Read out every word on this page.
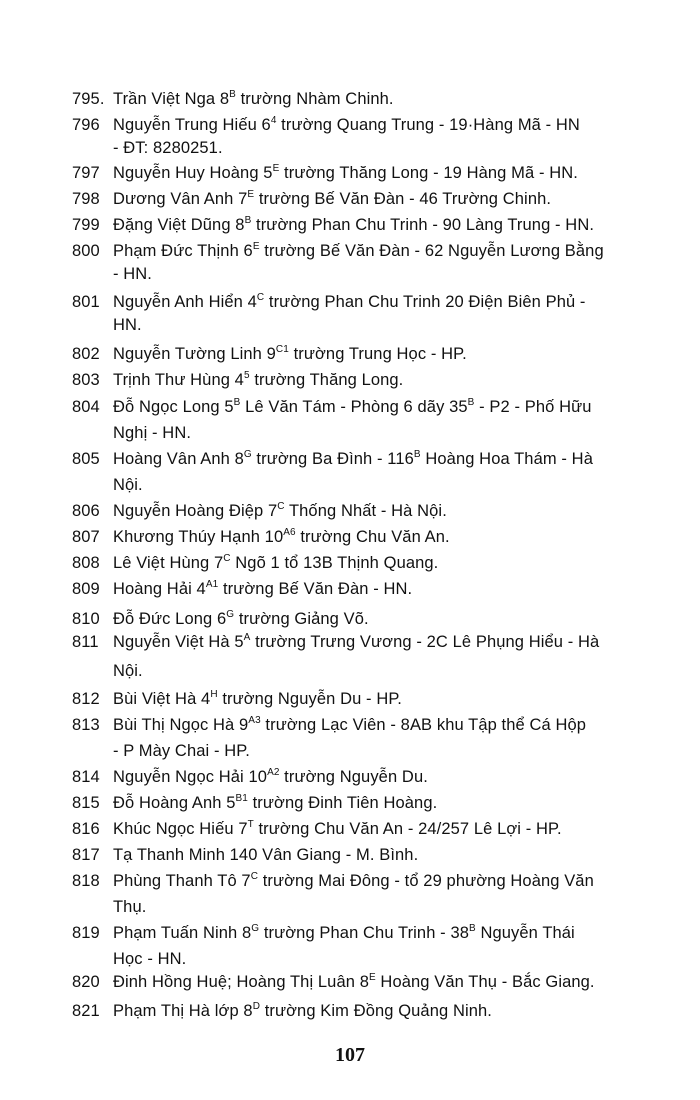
795. Trần Việt Nga $8^B$ trường Nhàm Chinh.
796 Nguyễn Trung Hiếu $6^4$ trường Quang Trung - 19·Hàng Mã - HN
- ĐT: 8280251.
797 Nguyễn Huy Hoàng $5^E$ trường Thăng Long - 19 Hàng Mã - HN.
798 Dương Vân Anh $7^E$ trường Bế Văn Đàn - 46 Trường Chinh.
799 Đặng Việt Dũng $8^B$ trường Phan Chu Trinh - 90 Làng Trung - HN.
800 Phạm Đức Thịnh $6^E$ trường Bế Văn Đàn - 62 Nguyễn Lương Bằng
- HN.
801 Nguyễn Anh Hiển $4^C$ trường Phan Chu Trinh 20 Điện Biên Phủ -
HN.
802 Nguyễn Tường Linh $9^{C1}$ trường Trung Học - HP.
803 Trịnh Thư Hùng $4^5$ trường Thăng Long.
804 Đỗ Ngọc Long $5^B$ Lê Văn Tám - Phòng 6 dãy $35^B - P2$ - Phố Hữu
Nghị - HN.
805 Hoàng Vân Anh $8^G$ trường Ba Đình - $116^B$ Hoàng Hoa Thám - Hà
Nội.
806 Nguyễn Hoàng Điệp $7^C$ Thống Nhất - Hà Nội.
807 Khương Thúy Hạnh $10^{A6}$ trường Chu Văn An.
808 Lê Việt Hùng $7^C$ Ngõ 1 tổ 13B Thịnh Quang.
809 Hoàng Hải $4^{A1}$ trường Bế Văn Đàn - HN.
810 Đỗ Đức Long $6^G$ trường Giảng Võ.
811 Nguyễn Việt Hà $5^A$ trường Trưng Vương - 2C Lê Phụng Hiểu - Hà
Nội.
812 Bùi Việt Hà $4^H$ trường Nguyễn Du - HP.
813 Bùi Thị Ngọc Hà $9^{A3}$ trường Lạc Viên - 8AB khu Tập thể Cá Hộp
- P Mày Chai - HP.
814 Nguyễn Ngọc Hải $10^{A2}$ trường Nguyễn Du.
815 Đỗ Hoàng Anh $5^{B1}$ trường Đinh Tiên Hoàng.
816 Khúc Ngọc Hiếu $7^T$ trường Chu Văn An - 24/257 Lê Lợi - HP.
817 Tạ Thanh Minh 140 Vân Giang - M. Bình.
818 Phùng Thanh Tô $7^C$ trường Mai Đông - tổ 29 phường Hoàng Văn
Thụ.
819 Phạm Tuấn Ninh $8^G$ trường Phan Chu Trinh - $38^B$ Nguyễn Thái
Học - HN.
820 Đinh Hồng Huệ; Hoàng Thị Luân $8^E$ Hoàng Văn Thụ - Bắc Giang.
821 Phạm Thị Hà lớp $8^D$ trường Kim Đồng Quảng Ninh.
107
